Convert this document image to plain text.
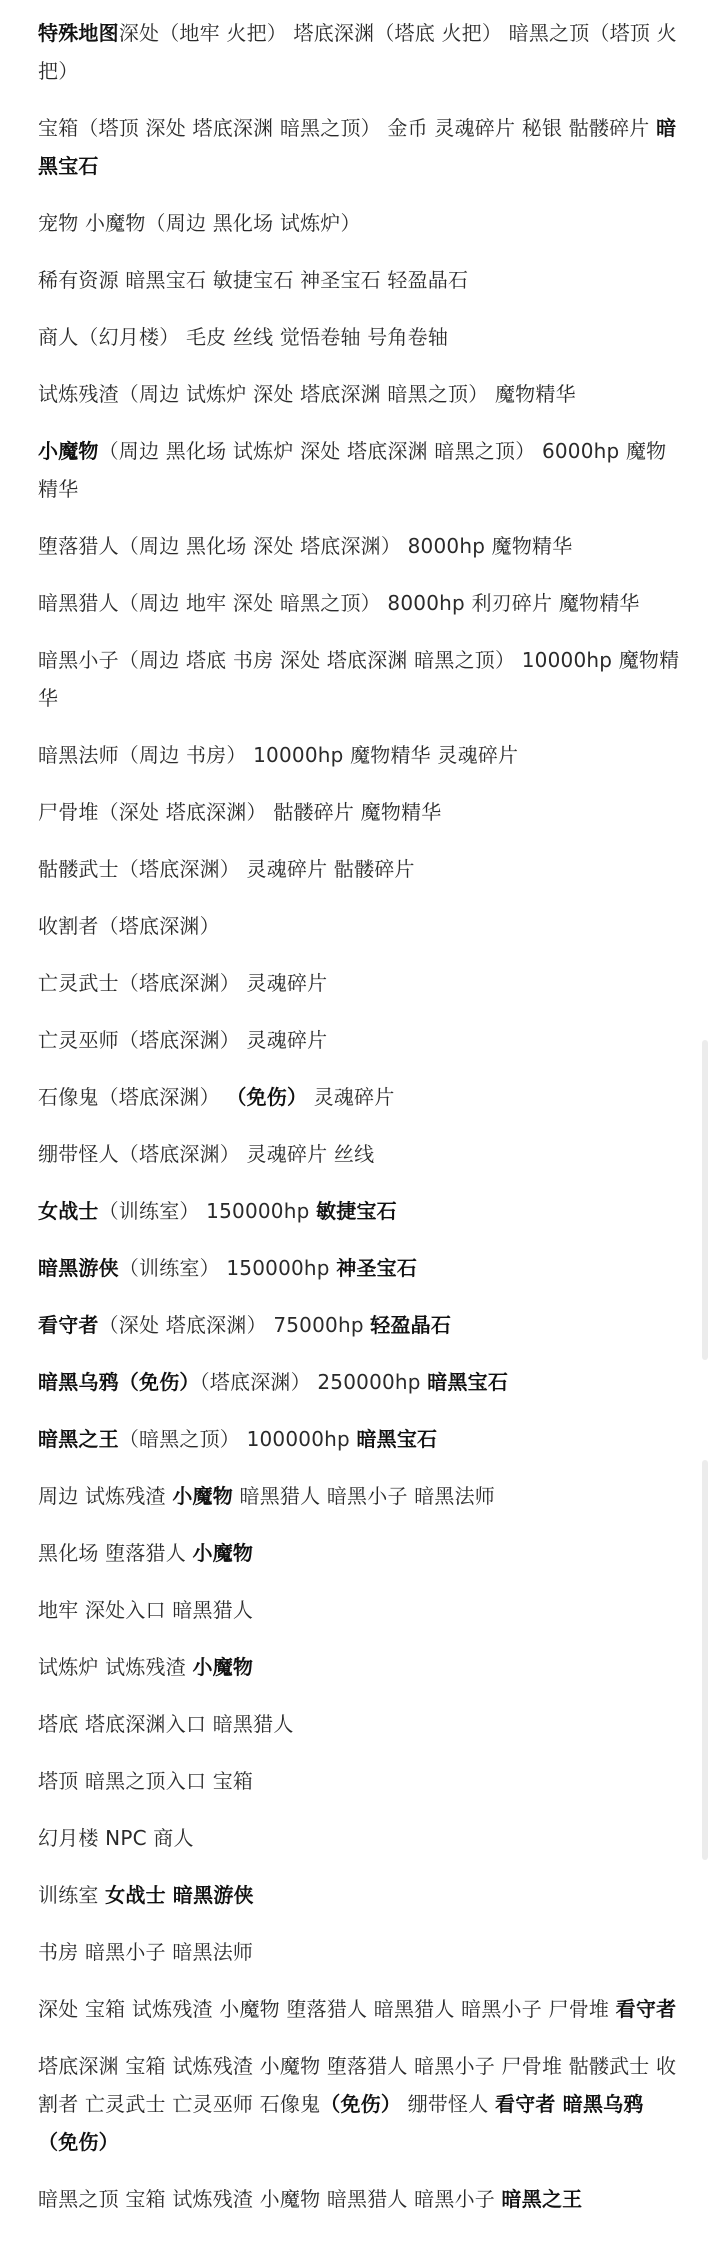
特殊地图深处（地牢 火把） 塔底深渊（塔底 火把） 暗黑之顶（塔顶 火把）

宝箱（塔顶 深处 塔底深渊 暗黑之顶） 金币 灵魂碎片 秘银 骷髅碎片 暗黑宝石

宠物 小魔物（周边 黑化场 试炼炉）

稀有资源 暗黑宝石 敏捷宝石 神圣宝石 轻盈晶石

商人（幻月楼） 毛皮 丝线 觉悟卷轴 号角卷轴

试炼残渣（周边 试炼炉 深处 塔底深渊 暗黑之顶） 魔物精华

小魔物（周边 黑化场 试炼炉 深处 塔底深渊 暗黑之顶） 6000hp 魔物精华

堕落猎人（周边 黑化场 深处 塔底深渊） 8000hp 魔物精华

暗黑猎人（周边 地牢 深处 暗黑之顶） 8000hp 利刃碎片 魔物精华

暗黑小子（周边 塔底 书房 深处 塔底深渊 暗黑之顶） 10000hp 魔物精华

暗黑法师（周边 书房） 10000hp 魔物精华 灵魂碎片

尸骨堆（深处 塔底深渊） 骷髅碎片 魔物精华

骷髅武士（塔底深渊） 灵魂碎片 骷髅碎片

收割者（塔底深渊）

亡灵武士（塔底深渊） 灵魂碎片

亡灵巫师（塔底深渊） 灵魂碎片

石像鬼（塔底深渊） （免伤） 灵魂碎片

绷带怪人（塔底深渊） 灵魂碎片 丝线

女战士（训练室） 150000hp 敏捷宝石

暗黑游侠（训练室） 150000hp 神圣宝石

看守者（深处 塔底深渊） 75000hp 轻盈晶石

暗黑乌鸦（免伤）（塔底深渊） 250000hp 暗黑宝石

暗黑之王（暗黑之顶） 100000hp 暗黑宝石

周边 试炼残渣 小魔物 暗黑猎人 暗黑小子 暗黑法师

黑化场 堕落猎人 小魔物

地牢 深处入口 暗黑猎人

试炼炉 试炼残渣 小魔物

塔底 塔底深渊入口 暗黑猎人

塔顶 暗黑之顶入口 宝箱

幻月楼 NPC 商人

训练室 女战士 暗黑游侠

书房 暗黑小子 暗黑法师

深处 宝箱 试炼残渣 小魔物 堕落猎人 暗黑猎人 暗黑小子 尸骨堆 看守者

塔底深渊 宝箱 试炼残渣 小魔物 堕落猎人 暗黑小子 尸骨堆 骷髅武士 收割者 亡灵武士 亡灵巫师 石像鬼（免伤） 绷带怪人 看守者 暗黑乌鸦（免伤）

暗黑之顶 宝箱 试炼残渣 小魔物 暗黑猎人 暗黑小子 暗黑之王
